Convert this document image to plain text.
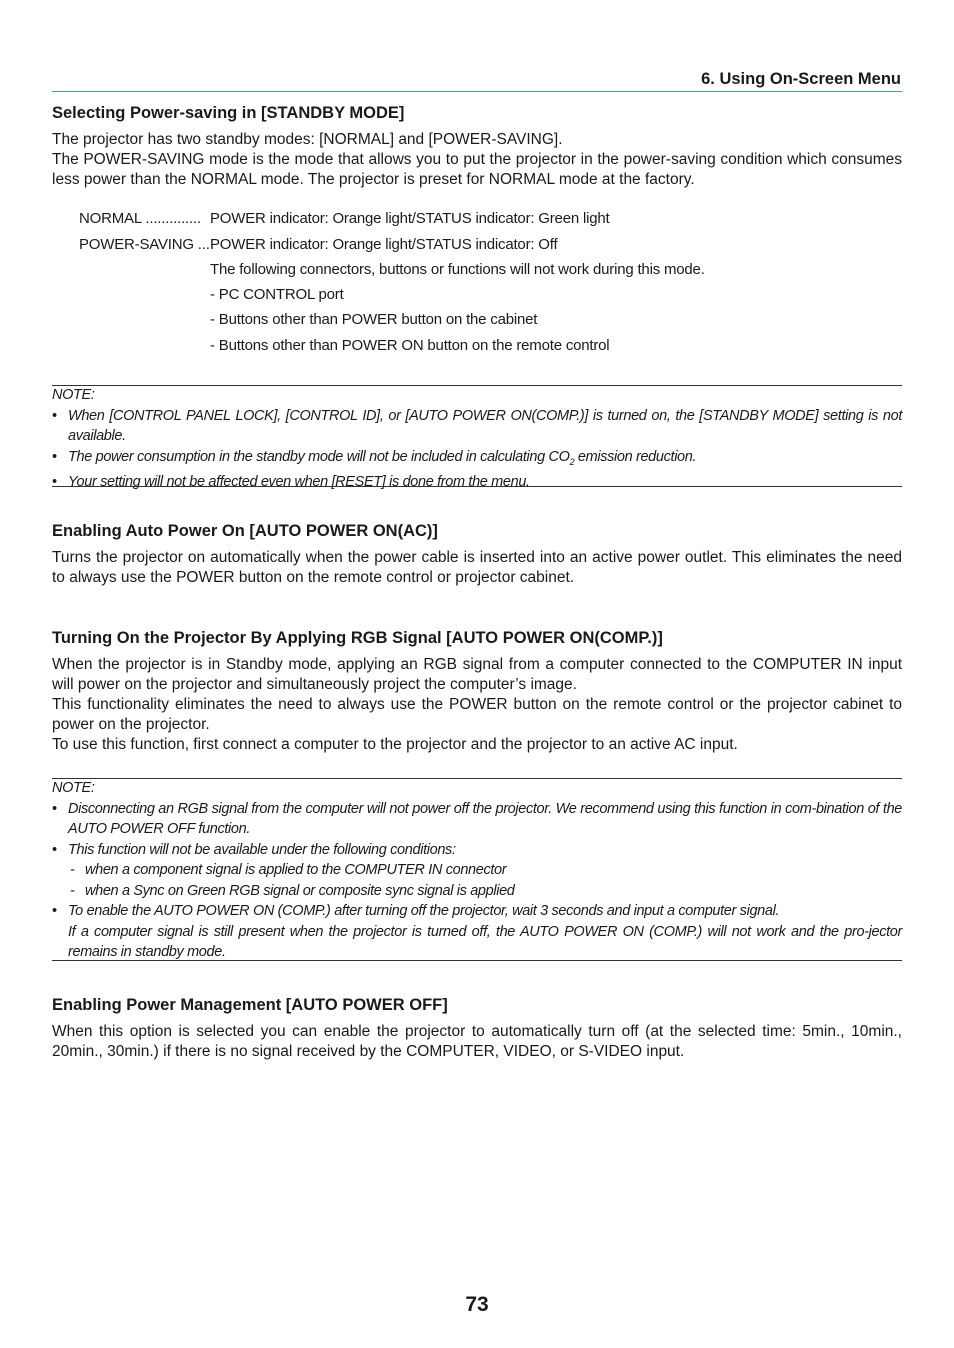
6. Using On-Screen Menu
Selecting Power-saving in [STANDBY MODE]

The projector has two standby modes: [NORMAL] and [POWER-SAVING].

The POWER-SAVING mode is the mode that allows you to put the projector in the power-saving condition which consumes less power than the NORMAL mode. The projector is preset for NORMAL mode at the factory.

NORMAL .............. POWER indicator: Orange light/STATUS indicator: Green light
POWER-SAVING ...POWER indicator: Orange light/STATUS indicator: Off
The following connectors, buttons or functions will not work during this mode.
- PC CONTROL port
- Buttons other than POWER button on the cabinet
- Buttons other than POWER ON button on the remote control
NOTE:
• When [CONTROL PANEL LOCK], [CONTROL ID], or [AUTO POWER ON(COMP.)] is turned on, the [STANDBY MODE] setting is not available.
• The power consumption in the standby mode will not be included in calculating $CO_2$ emission reduction.
• Your setting will not be affected even when [RESET] is done from the menu.
Enabling Auto Power On [AUTO POWER ON(AC)]
Turns the projector on automatically when the power cable is inserted into an active power outlet. This eliminates the need to always use the POWER button on the remote control or projector cabinet.
Turning On the Projector By Applying RGB Signal [AUTO POWER ON(COMP.)]

When the projector is in Standby mode, applying an RGB signal from a computer connected to the COMPUTER IN input will power on the projector and simultaneously project the computer’s image.

This functionality eliminates the need to always use the POWER button on the remote control or the projector cabinet to power on the projector.

To use this function, first connect a computer to the projector and the projector to an active AC input.

NOTE:
• Disconnecting an RGB signal from the computer will not power off the projector. We recommend using this function in com-bination of the AUTO POWER OFF function.
• This function will not be available under the following conditions:
- when a component signal is applied to the COMPUTER IN connector
- when a Sync on Green RGB signal or composite sync signal is applied
• To enable the AUTO POWER ON (COMP.) after turning off the projector, wait 3 seconds and input a computer signal.
If a computer signal is still present when the projector is turned off, the AUTO POWER ON (COMP.) will not work and the pro-jector remains in standby mode.
Enabling Power Management [AUTO POWER OFF]
When this option is selected you can enable the projector to automatically turn off (at the selected time: 5min., 10min., 20min., 30min.) if there is no signal received by the COMPUTER, VIDEO, or S-VIDEO input.
73
